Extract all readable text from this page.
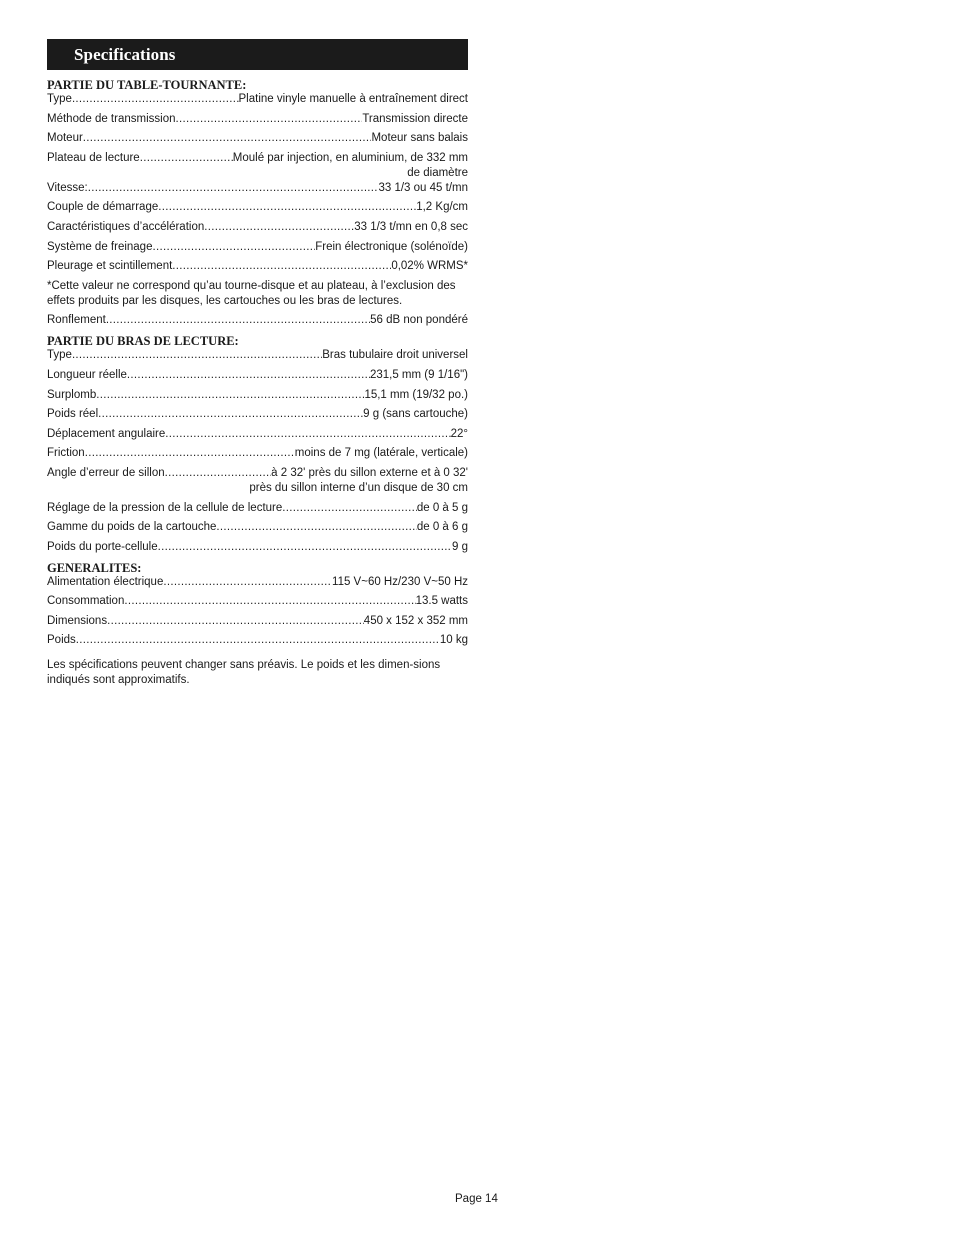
Specifications
PARTIE DU TABLE-TOURNANTE:
Type .....	Platine vinyle manuelle à entraînement direct
Méthode de transmission .....	Transmission directe
Moteur .....	Moteur sans balais
Plateau de lecture .....	Moulé par injection, en aluminium, de 332 mm
de diamètre
Vitesse: .....	33 1/3 ou 45 t/mn
Couple de démarrage .....	1,2 Kg/cm
Caractéristiques d’accélération .....	33 1/3 t/mn en 0,8 sec
Système de freinage .....	Frein électronique (solénoïde)
Pleurage et scintillement .....	0,02% WRMS*

*Cette valeur ne correspond qu’au tourne-disque et au plateau, à l’exclusion des effets produits par les disques, les cartouches ou les bras de lectures.

Ronflement .....	56 dB non pondéré
PARTIE DU BRAS DE LECTURE:
Type .....	Bras tubulaire droit universel
Longueur réelle .....	231,5 mm (9 1/16")
Surplomb .....	15,1 mm (19/32 po.)
Poids réel .....	9 g (sans cartouche)
Déplacement angulaire .....	22°
Friction .....	moins de 7 mg (latérale, verticale)
Angle d’erreur de sillon .....	à 2 32' près du sillon externe et à 0 32'
près du sillon interne d’un disque de 30 cm
Réglage de la pression de la cellule de lecture .....	de 0 à 5 g
Gamme du poids de la cartouche .....	de 0 à 6 g
Poids du porte-cellule .....	9 g
GENERALITES:
Alimentation électrique .....	115 V~60 Hz/230 V~50 Hz
Consommation .....	13.5 watts
Dimensions .....	450 x 152 x 352 mm
Poids .....	10 kg

Les spécifications peuvent changer sans préavis. Le poids et les dimen-sions indiqués sont approximatifs.

Page 14
